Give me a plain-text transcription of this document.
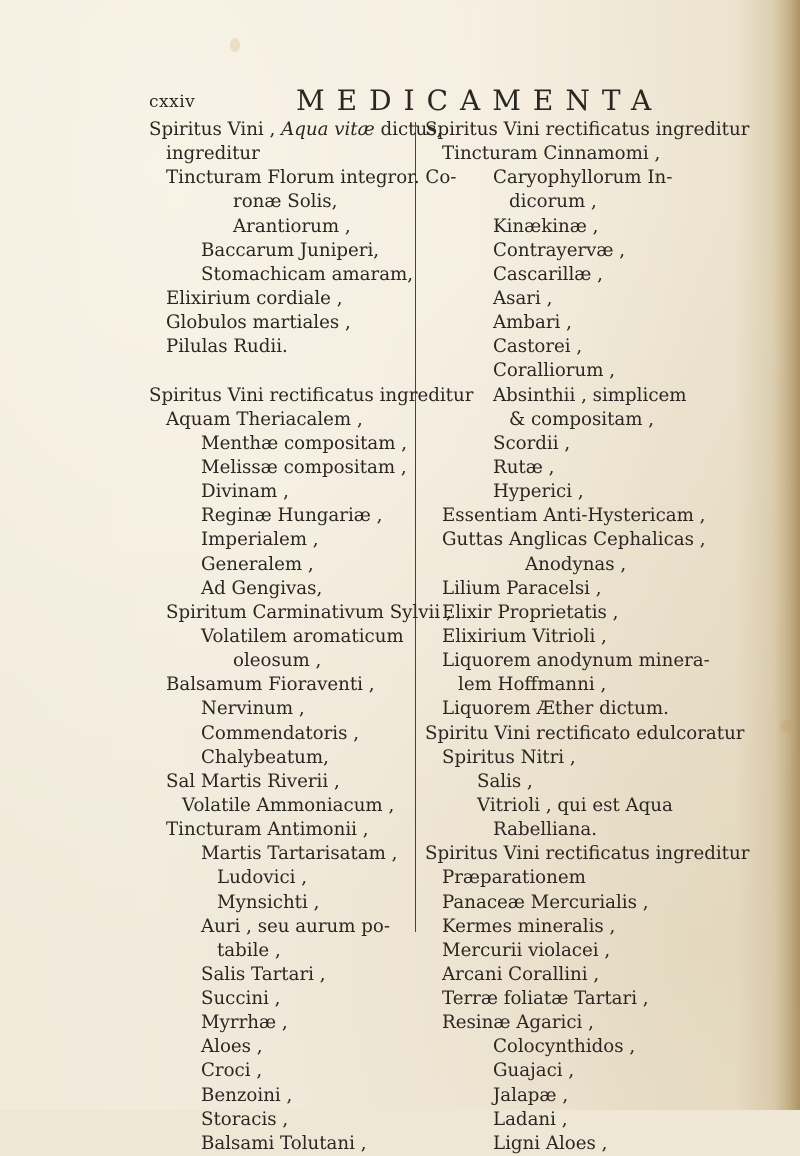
cxxiv	MEDICAMENTA
Spiritus Vini , Aqua vitæ dictus,
ingreditur
Tincturam Florum integror. Co-
ronæ Solis,
Arantiorum ,
Baccarum Juniperi,
Stomachicam amaram,
Elixirium cordiale ,
Globulos martiales ,
Pilulas Rudii.
Spiritus Vini rectificatus ingreditur
Aquam Theriacalem ,
Menthæ compositam ,
Melissæ compositam ,
Divinam ,
Reginæ Hungariæ ,
Imperialem ,
Generalem ,
Ad Gengivas,
Spiritum Carminativum Sylvii ,
Volatilem aromaticum
oleosum ,
Balsamum Fioraventi ,
Nervinum ,
Commendatoris ,
Chalybeatum,
Sal Martis Riverii ,
Volatile Ammoniacum ,
Tincturam Antimonii ,
Martis Tartarisatam ,
Ludovici ,
Mynsichti ,
Auri , seu aurum po-
tabile ,
Salis Tartari ,
Succini ,
Myrrhæ ,
Aloes ,
Croci ,
Benzoini ,
Storacis ,
Balsami Tolutani ,
Spiritus Vini rectificatus ingreditur
Tincturam Cinnamomi ,
Caryophyllorum In-
dicorum ,
Kinækinæ ,
Contrayervæ ,
Cascarillæ ,
Asari ,
Ambari ,
Castorei ,
Coralliorum ,
Absinthii , simplicem
& compositam ,
Scordii ,
Rutæ ,
Hyperici ,
Essentiam Anti-Hystericam ,
Guttas Anglicas Cephalicas ,
Anodynas ,
Lilium Paracelsi ,
Elixir Proprietatis ,
Elixirium Vitrioli ,
Liquorem anodynum minera-
lem Hoffmanni ,
Liquorem Æther dictum.
Spiritu Vini rectificato edulcoratur
Spiritus Nitri ,
Salis ,
Vitrioli , qui est Aqua
Rabelliana.
Spiritus Vini rectificatus ingreditur
Præparationem
Panaceæ Mercurialis ,
Kermes mineralis ,
Mercurii violacei ,
Arcani Corallini ,
Terræ foliatæ Tartari ,
Resinæ Agarici ,
Colocynthidos ,
Guajaci ,
Jalapæ ,
Ladani ,
Ligni Aloes ,
